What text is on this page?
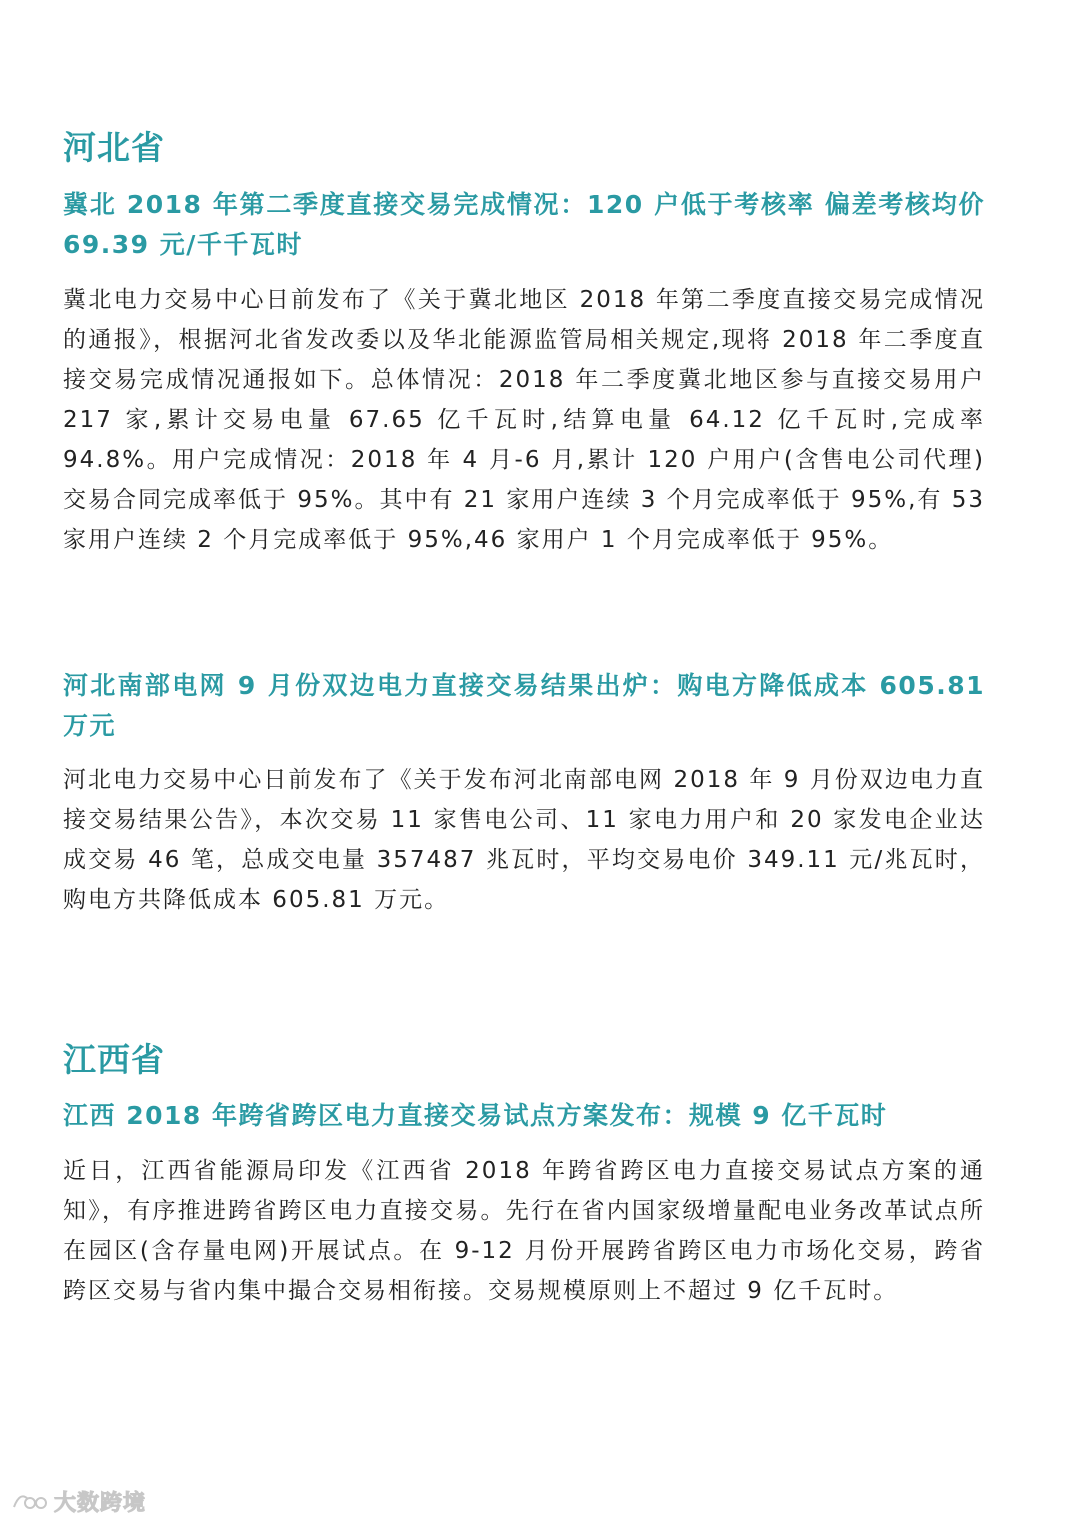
河北省
冀北 2018 年第二季度直接交易完成情况：120 户低于考核率 偏差考核均价 69.39 元/千千瓦时
冀北电力交易中心日前发布了《关于冀北地区 2018 年第二季度直接交易完成情况的通报》，根据河北省发改委以及华北能源监管局相关规定,现将 2018 年二季度直接交易完成情况通报如下。总体情况：2018 年二季度冀北地区参与直接交易用户 217 家,累计交易电量 67.65 亿千瓦时,结算电量 64.12 亿千瓦时,完成率 94.8%。用户完成情况：2018 年 4 月-6 月,累计 120 户用户(含售电公司代理)交易合同完成率低于 95%。其中有 21 家用户连续 3 个月完成率低于 95%,有 53 家用户连续 2 个月完成率低于 95%,46 家用户 1 个月完成率低于 95%。
河北南部电网 9 月份双边电力直接交易结果出炉：购电方降低成本 605.81 万元
河北电力交易中心日前发布了《关于发布河北南部电网 2018 年 9 月份双边电力直接交易结果公告》，本次交易 11 家售电公司、11 家电力用户和 20 家发电企业达成交易 46 笔，总成交电量 357487 兆瓦时，平均交易电价 349.11 元/兆瓦时，购电方共降低成本 605.81 万元。
江西省
江西 2018 年跨省跨区电力直接交易试点方案发布：规模 9 亿千瓦时
近日，江西省能源局印发《江西省 2018 年跨省跨区电力直接交易试点方案的通知》，有序推进跨省跨区电力直接交易。先行在省内国家级增量配电业务改革试点所在园区(含存量电网)开展试点。在 9-12 月份开展跨省跨区电力市场化交易，跨省跨区交易与省内集中撮合交易相衔接。交易规模原则上不超过 9 亿千瓦时。
大数跨境
